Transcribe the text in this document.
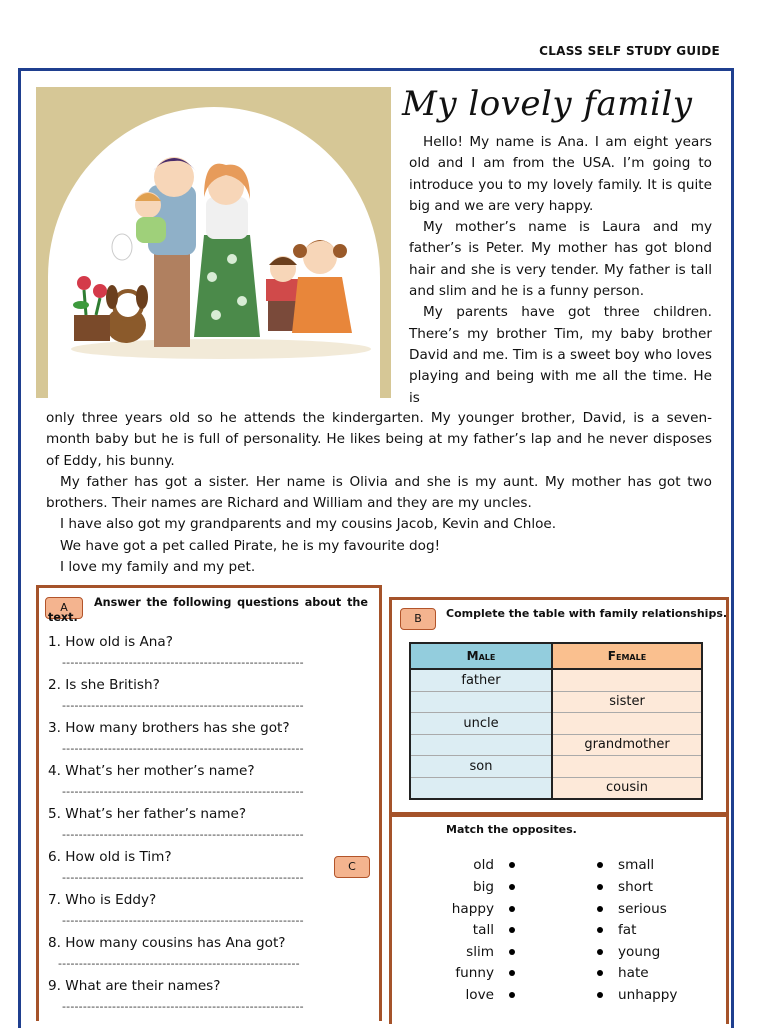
CLASS SELF STUDY GUIDE
My lovely family

Hello! My name is Ana. I am eight years old and I am from the USA. I’m going to introduce you to my lovely family. It is quite big and we are very happy.

My mother’s name is Laura and my father’s is Peter. My mother has got blond hair and she is very tender. My father is tall and slim and he is a funny person.

My parents have got three children. There’s my brother Tim, my baby brother David and me. Tim is a sweet boy who loves playing and being with me all the time. He is

only three years old so he attends the kindergarten. My younger brother, David, is a seven-month baby but he is full of personality. He likes being at my father’s lap and he never disposes of Eddy, his bunny.

My father has got a sister. Her name is Olivia and she is my aunt. My mother has got two brothers. Their names are Richard and William and they are my uncles.

I have also got my grandparents and my cousins Jacob, Kevin and Chloe.

We have got a pet called Pirate, he is my favourite dog!

I love my family and my pet.

A	Answer the following questions about the text.
1. How old is Ana?
----------------------------------------------------------
2. Is she British?
----------------------------------------------------------
3. How many brothers has she got?
----------------------------------------------------------
4. What’s her mother’s name?
----------------------------------------------------------
5. What’s her father’s name?
----------------------------------------------------------
6. How old is Tim?
----------------------------------------------------------
7. Who is Eddy?
----------------------------------------------------------
8. How many cousins has Ana got?
----------------------------------------------------------
9. What are their names?
----------------------------------------------------------
B	Complete the table with family relationships.
Male	Female
father	
	sister
uncle	
	grandmother
son	
	cousin
C
Match the opposites.
old
big
happy
tall
slim
funny
love
small
short
serious
fat
young
hate
unhappy
